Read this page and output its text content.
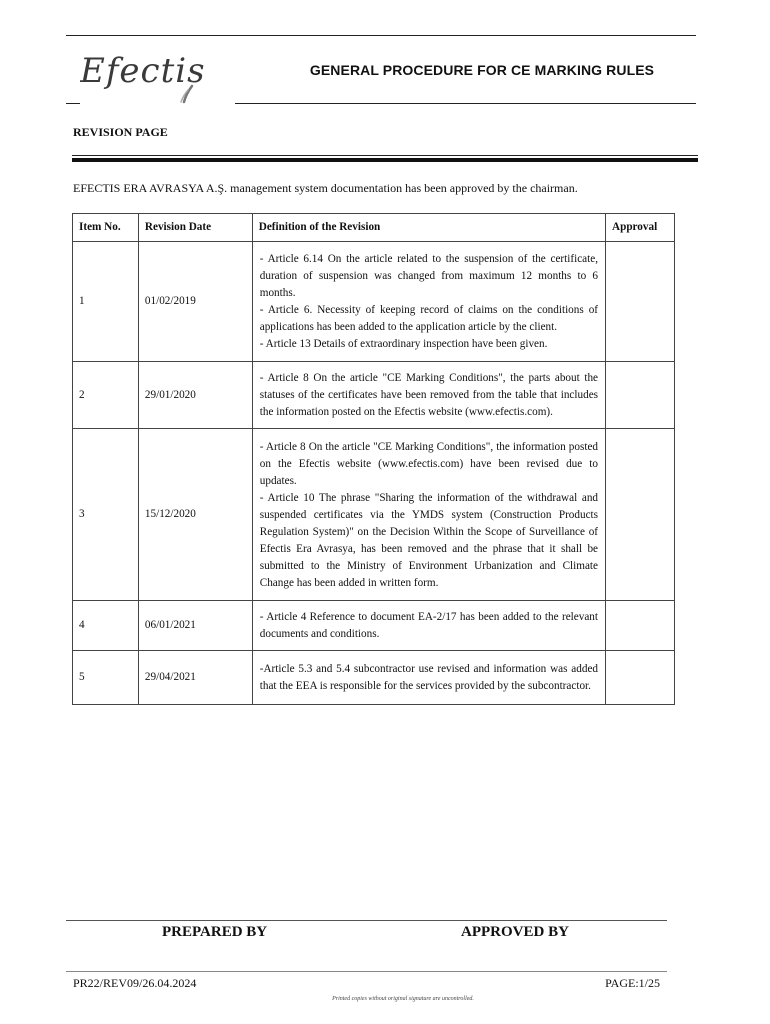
Efectis	GENERAL PROCEDURE FOR CE MARKING RULES
REVISION PAGE
EFECTIS ERA AVRASYA A.Ş. management system documentation has been approved by the chairman.
Item No.	Revision Date	Definition of the Revision	Approval
1	01/02/2019	- Article 6.14 On the article related to the suspension of the certificate, duration of suspension was changed from maximum 12 months to 6 months.
- Article 6. Necessity of keeping record of claims on the conditions of applications has been added to the application article by the client.
- Article 13 Details of extraordinary inspection have been given.	

2	29/01/2020	- Article 8 On the article "CE Marking Conditions", the parts about the statuses of the certificates have been removed from the table that includes the information posted on the Efectis website (www.efectis.com).	

3	15/12/2020	- Article 8 On the article "CE Marking Conditions", the information posted on the Efectis website (www.efectis.com) have been revised due to updates.
- Article 10 The phrase "Sharing the information of the withdrawal and suspended certificates via the YMDS system (Construction Products Regulation System)" on the Decision Within the Scope of Surveillance of Efectis Era Avrasya, has been removed and the phrase that it shall be submitted to the Ministry of Environment Urbanization and Climate Change has been added in written form.	

4	06/01/2021	- Article 4 Reference to document EA-2/17 has been added to the relevant documents and conditions.	

5	29/04/2021	-Article 5.3 and 5.4 subcontractor use revised and information was added that the EEA is responsible for the services provided by the subcontractor.	

PREPARED BY	APPROVED BY
PR22/REV09/26.04.2024	PAGE:1/25
Printed copies without original signature are uncontrolled.
